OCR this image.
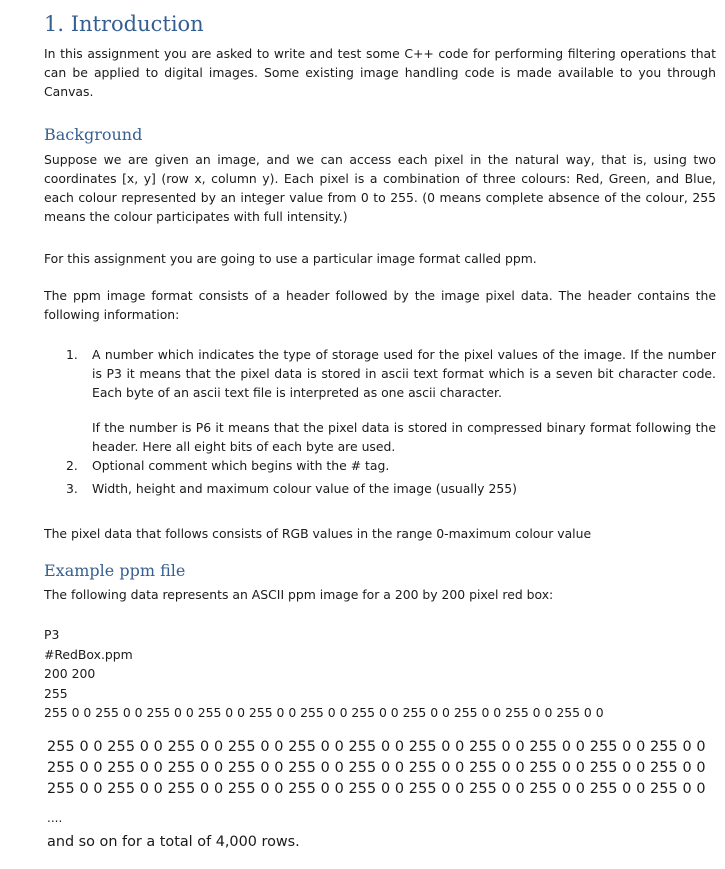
1. Introduction

In this assignment you are asked to write and test some C++ code for performing filtering operations that can be applied to digital images. Some existing image handling code is made available to you through Canvas.

Background

Suppose we are given an image, and we can access each pixel in the natural way, that is, using two coordinates [x, y] (row x, column y). Each pixel is a combination of three colours: Red, Green, and Blue, each colour represented by an integer value from 0 to 255. (0 means complete absence of the colour, 255 means the colour participates with full intensity.)

For this assignment you are going to use a particular image format called ppm.

The ppm image format consists of a header followed by the image pixel data. The header contains the following information:

1. A number which indicates the type of storage used for the pixel values of the image. If the number is P3 it means that the pixel data is stored in ascii text format which is a seven bit character code. Each byte of an ascii text file is interpreted as one ascii character.
If the number is P6 it means that the pixel data is stored in compressed binary format following the header. Here all eight bits of each byte are used.
2. Optional comment which begins with the # tag.
3. Width, height and maximum colour value of the image (usually 255)

The pixel data that follows consists of RGB values in the range 0-maximum colour value

Example ppm file

The following data represents an ASCII ppm image for a 200 by 200 pixel red box:

P3
#RedBox.ppm
200 200
255
255 0 0 255 0 0 255 0 0 255 0 0 255 0 0 255 0 0 255 0 0 255 0 0 255 0 0 255 0 0 255 0 0
255 0 0 255 0 0 255 0 0 255 0 0 255 0 0 255 0 0 255 0 0 255 0 0 255 0 0 255 0 0 255 0 0
255 0 0 255 0 0 255 0 0 255 0 0 255 0 0 255 0 0 255 0 0 255 0 0 255 0 0 255 0 0 255 0 0
255 0 0 255 0 0 255 0 0 255 0 0 255 0 0 255 0 0 255 0 0 255 0 0 255 0 0 255 0 0 255 0 0

....

and so on for a total of 4,000 rows.
